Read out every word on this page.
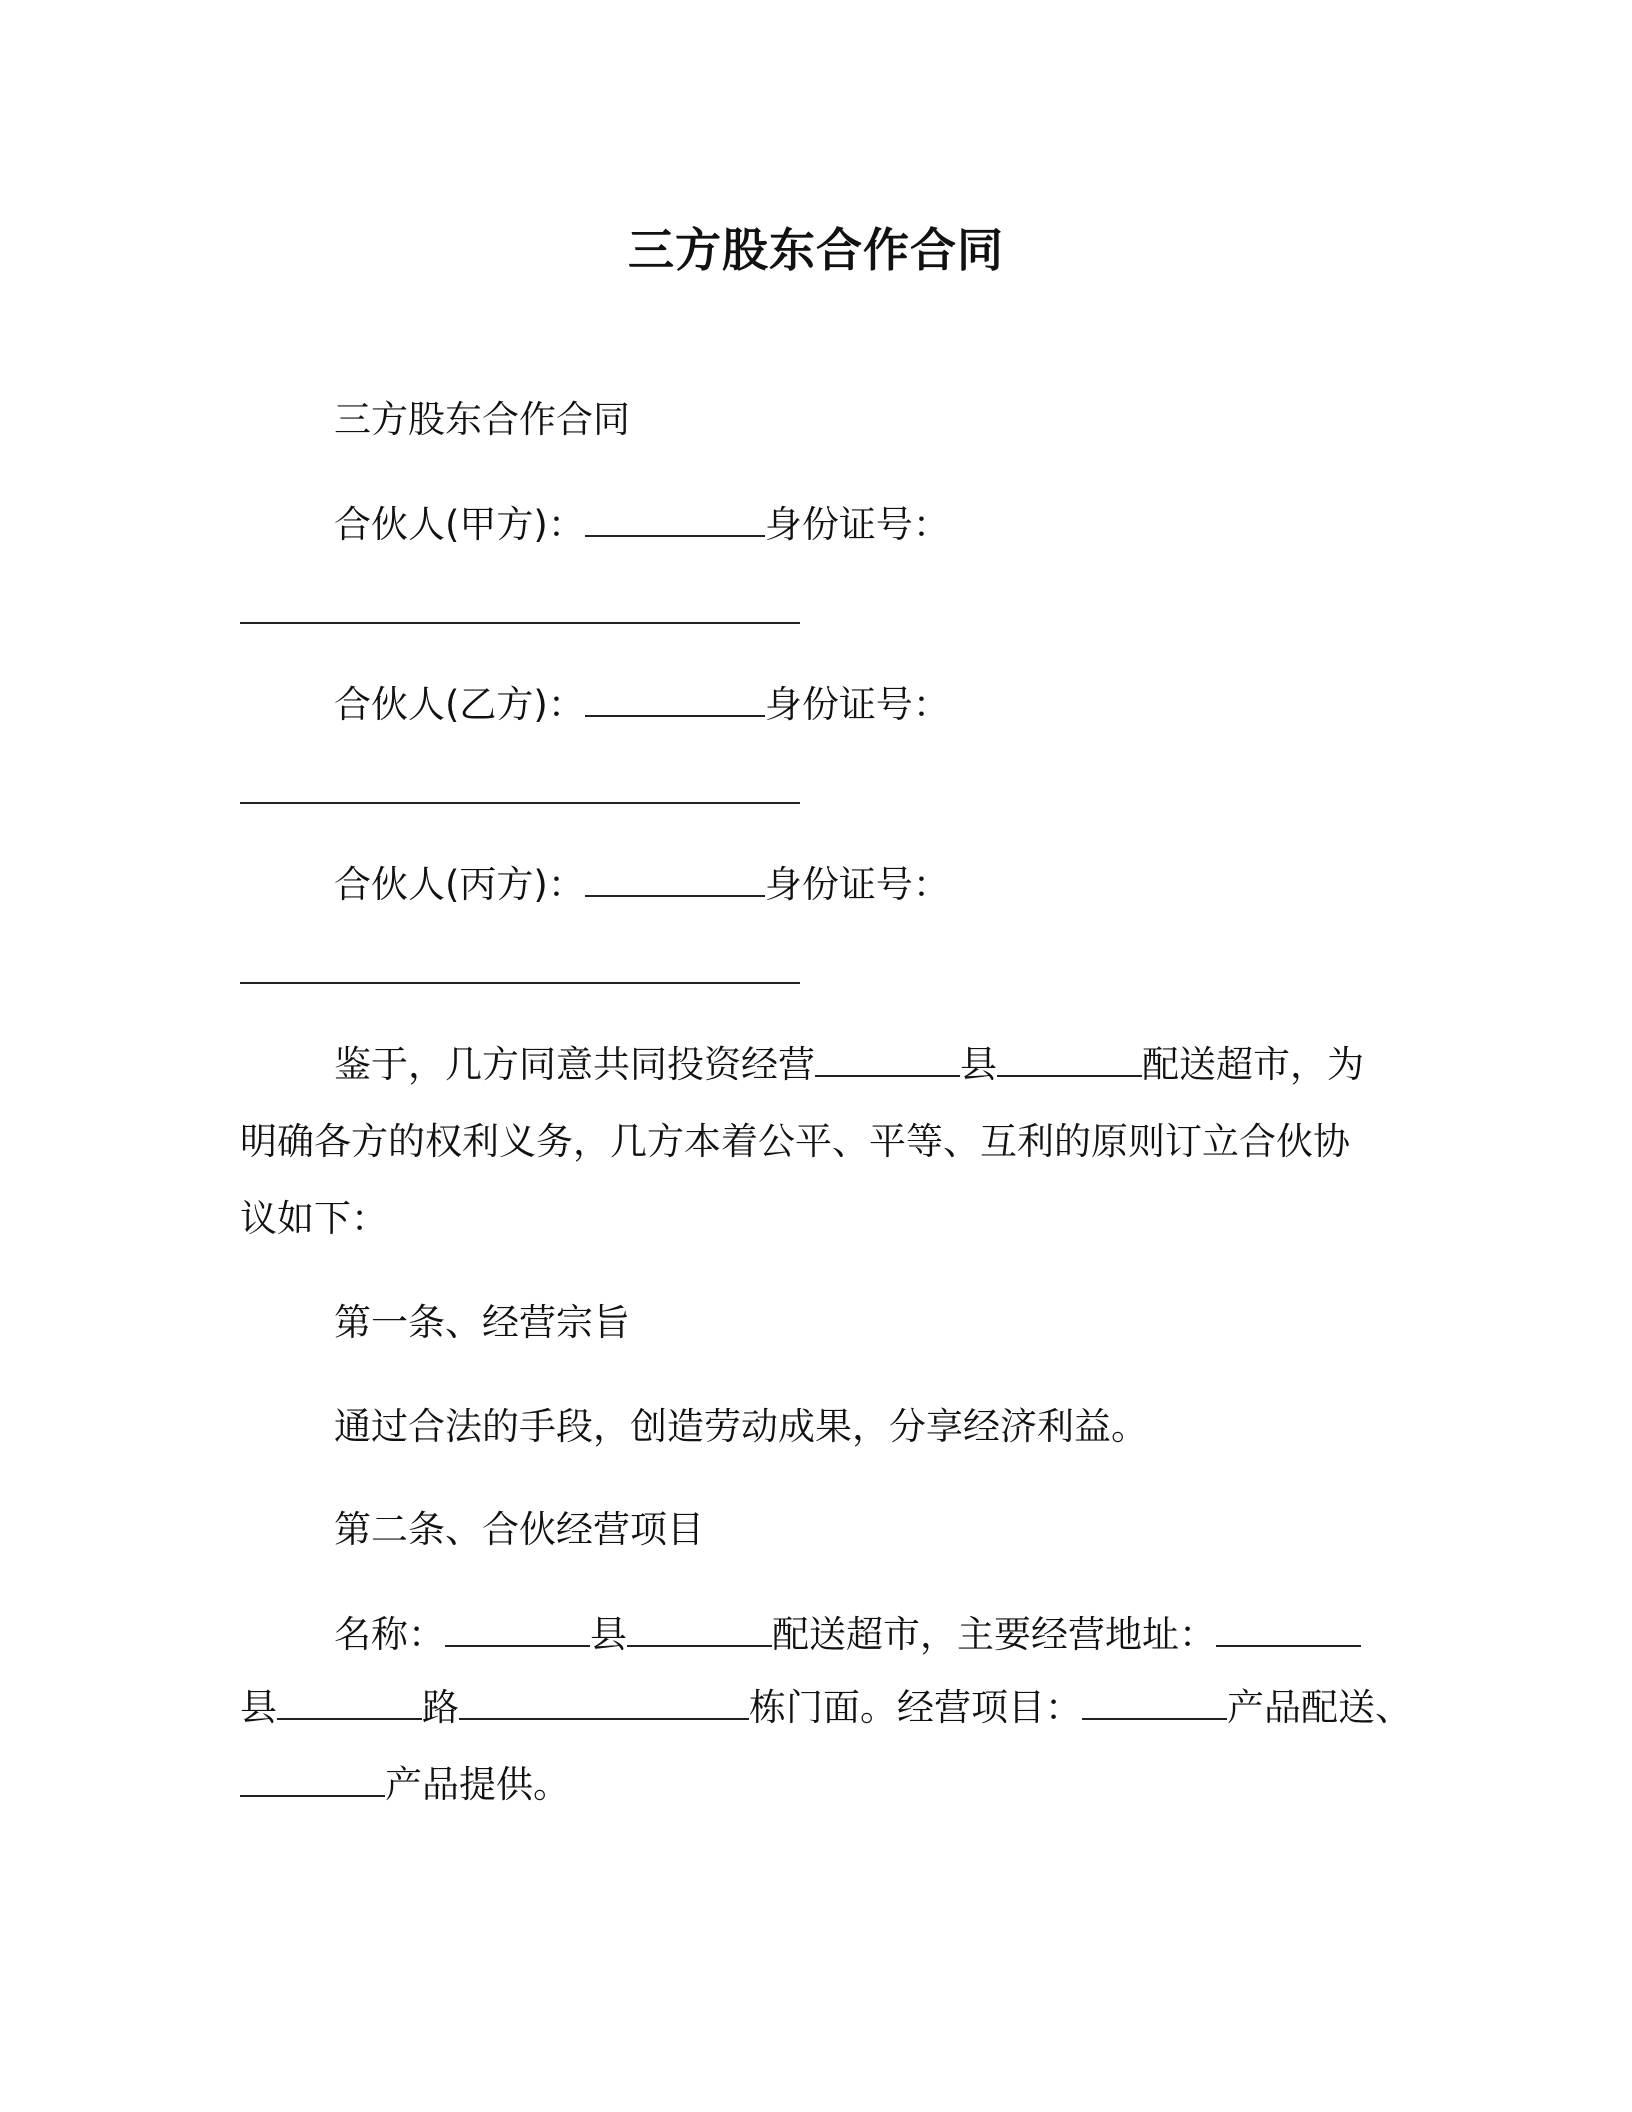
三方股东合作合同
三方股东合作合同
合伙人(甲方)：	身份证号：
合伙人(乙方)：	身份证号：
合伙人(丙方)：	身份证号：
鉴于，几方同意共同投资经营	县	配送超市，为
明确各方的权利义务，几方本着公平、平等、互利的原则订立合伙协
议如下：
第一条、经营宗旨
通过合法的手段，创造劳动成果，分享经济利益。
第二条、合伙经营项目
名称：	县	配送超市，主要经营地址：
县	路	栋门面。经营项目：	产品配送、
产品提供。
